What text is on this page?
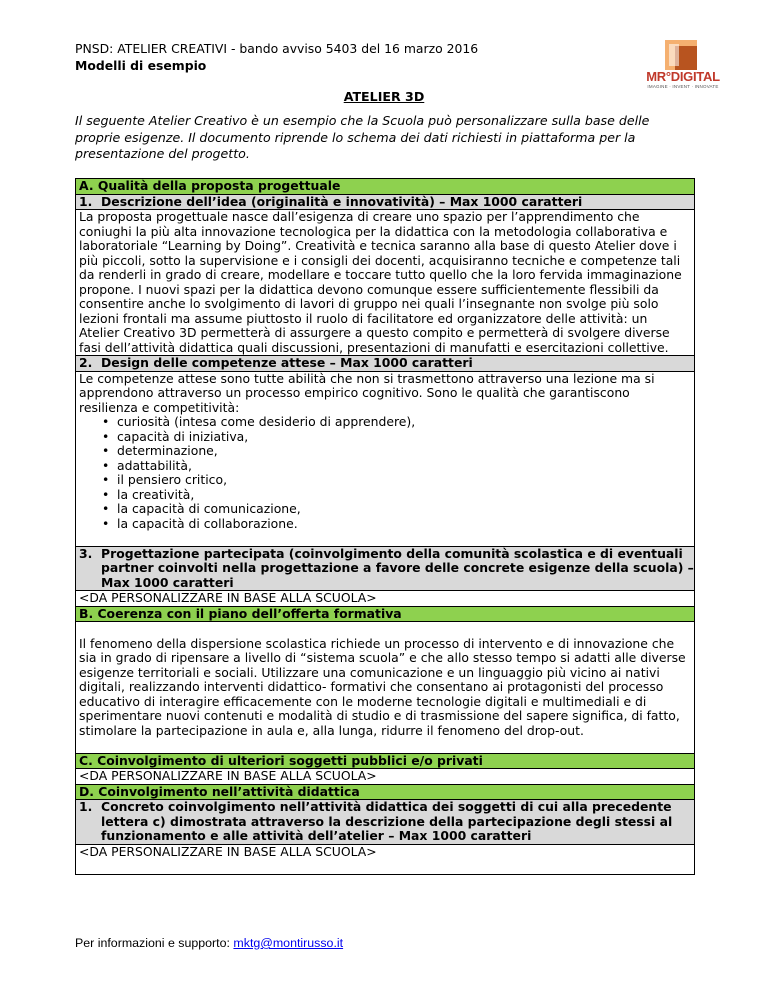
PNSD: ATELIER CREATIVI - bando avviso 5403 del 16 marzo 2016
Modelli di esempio
MR°DIGITAL
IMAGINE · INVENT · INNOVATE
ATELIER 3D

Il seguente Atelier Creativo è un esempio che la Scuola può personalizzare sulla base delle proprie esigenze. Il documento riprende lo schema dei dati richiesti in piattaforma per la presentazione del progetto.

A. Qualità della proposta progettuale
1. Descrizione dell’idea (originalità e innovatività) – Max 1000 caratteri

La proposta progettuale nasce dall’esigenza di creare uno spazio per l’apprendimento che coniughi la più alta innovazione tecnologica per la didattica con la metodologia collaborativa e laboratoriale “Learning by Doing”. Creatività e tecnica saranno alla base di questo Atelier dove i più piccoli, sotto la supervisione e i consigli dei docenti, acquisiranno tecniche e competenze tali da renderli in grado di creare, modellare e toccare tutto quello che la loro fervida immaginazione propone. I nuovi spazi per la didattica devono comunque essere sufficientemente flessibili da consentire anche lo svolgimento di lavori di gruppo nei quali l’insegnante non svolge più solo lezioni frontali ma assume piuttosto il ruolo di facilitatore ed organizzatore delle attività: un Atelier Creativo 3D permetterà di assurgere a questo compito e permetterà di svolgere diverse fasi dell’attività didattica quali discussioni, presentazioni di manufatti e esercitazioni collettive.

2. Design delle competenze attese – Max 1000 caratteri

Le competenze attese sono tutte abilità che non si trasmettono attraverso una lezione ma si apprendono attraverso un processo empirico cognitivo. Sono le qualità che garantiscono resilienza e competitività:

• curiosità (intesa come desiderio di apprendere),
• capacità di iniziativa,
• determinazione,
• adattabilità,
• il pensiero critico,
• la creatività,
• la capacità di comunicazione,
• la capacità di collaborazione.
3. Progettazione partecipata (coinvolgimento della comunità scolastica e di eventuali partner coinvolti nella progettazione a favore delle concrete esigenze della scuola) – Max 1000 caratteri

<DA PERSONALIZZARE IN BASE ALLA SCUOLA>

B. Coerenza con il piano dell’offerta formativa

Il fenomeno della dispersione scolastica richiede un processo di intervento e di innovazione che sia in grado di ripensare a livello di “sistema scuola” e che allo stesso tempo si adatti alle diverse esigenze territoriali e sociali. Utilizzare una comunicazione e un linguaggio più vicino ai nativi digitali, realizzando interventi didattico- formativi che consentano ai protagonisti del processo educativo di interagire efficacemente con le moderne tecnologie digitali e multimediali e di sperimentare nuovi contenuti e modalità di studio e di trasmissione del sapere significa, di fatto, stimolare la partecipazione in aula e, alla lunga, ridurre il fenomeno del drop-out.

C. Coinvolgimento di ulteriori soggetti pubblici e/o privati

<DA PERSONALIZZARE IN BASE ALLA SCUOLA>

D. Coinvolgimento nell’attività didattica
1. Concreto coinvolgimento nell’attività didattica dei soggetti di cui alla precedente lettera c) dimostrata attraverso la descrizione della partecipazione degli stessi al funzionamento e alle attività dell’atelier – Max 1000 caratteri

<DA PERSONALIZZARE IN BASE ALLA SCUOLA>

Per informazioni e supporto: mktg@montirusso.it
